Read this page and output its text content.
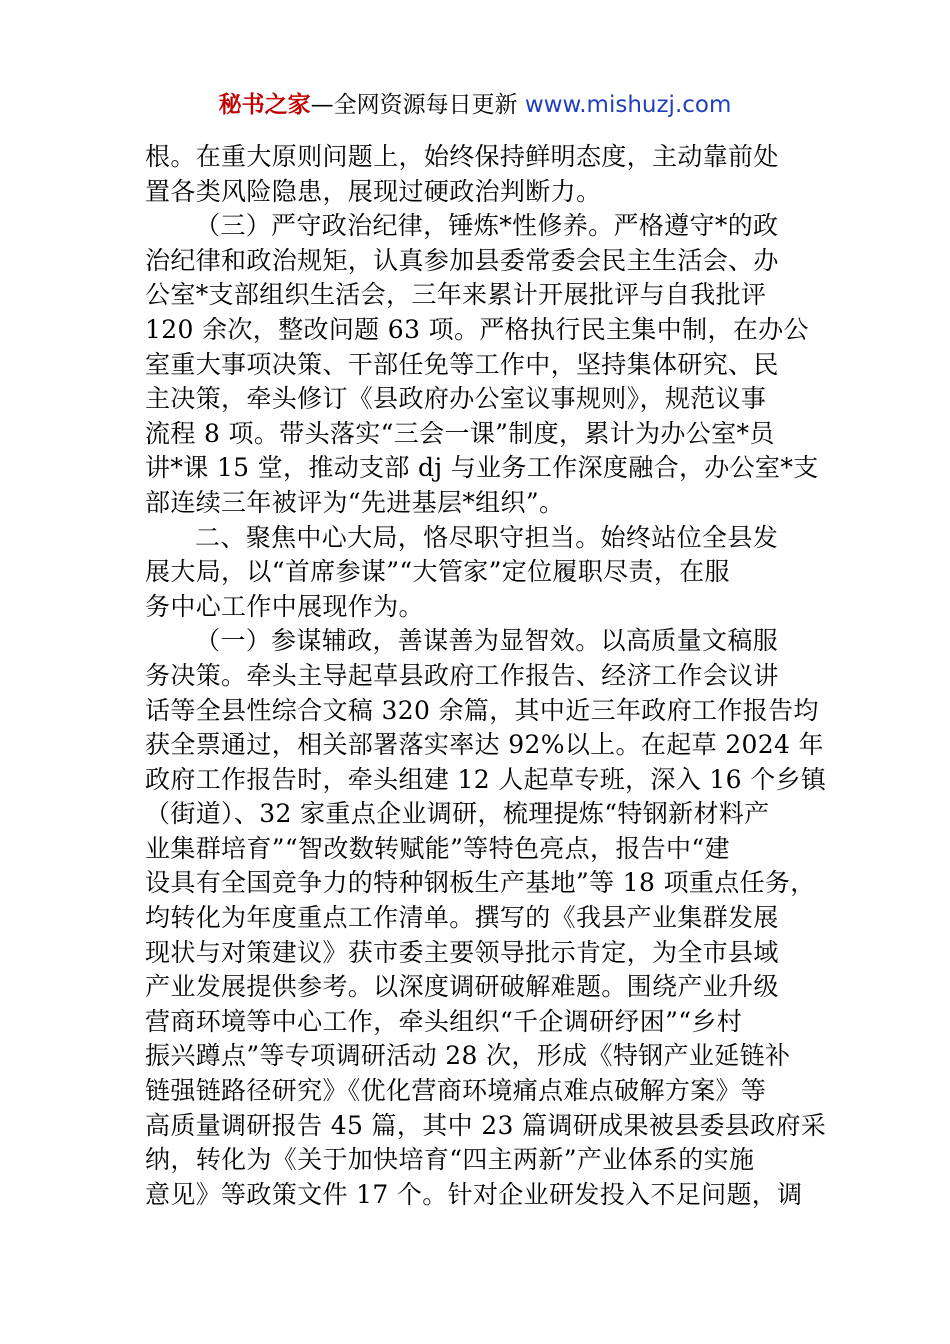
秘书之家—全网资源每日更新 www.mishuzj.com
根。在重大原则问题上，始终保持鲜明态度，主动靠前处
置各类风险隐患，展现过硬政治判断力。
（三）严守政治纪律，锤炼*性修养。严格遵守*的政
治纪律和政治规矩，认真参加县委常委会民主生活会、办
公室*支部组织生活会，三年来累计开展批评与自我批评
120 余次，整改问题 63 项。严格执行民主集中制，在办公
室重大事项决策、干部任免等工作中，坚持集体研究、民
主决策，牵头修订《县政府办公室议事规则》，规范议事
流程 8 项。带头落实“三会一课”制度，累计为办公室*员
讲*课 15 堂，推动支部 dj 与业务工作深度融合，办公室*支
部连续三年被评为“先进基层*组织”。
二、聚焦中心大局，恪尽职守担当。始终站位全县发
展大局，以“首席参谋”“大管家”定位履职尽责，在服
务中心工作中展现作为。
（一）参谋辅政，善谋善为显智效。以高质量文稿服
务决策。牵头主导起草县政府工作报告、经济工作会议讲
话等全县性综合文稿 320 余篇，其中近三年政府工作报告均
获全票通过，相关部署落实率达 92%以上。在起草 2024 年
政府工作报告时，牵头组建 12 人起草专班，深入 16 个乡镇
（街道）、32 家重点企业调研，梳理提炼“特钢新材料产
业集群培育”“智改数转赋能”等特色亮点，报告中“建
设具有全国竞争力的特种钢板生产基地”等 18 项重点任务，
均转化为年度重点工作清单。撰写的《我县产业集群发展
现状与对策建议》获市委主要领导批示肯定，为全市县域
产业发展提供参考。以深度调研破解难题。围绕产业升级
营商环境等中心工作，牵头组织“千企调研纾困”“乡村
振兴蹲点”等专项调研活动 28 次，形成《特钢产业延链补
链强链路径研究》《优化营商环境痛点难点破解方案》等
高质量调研报告 45 篇，其中 23 篇调研成果被县委县政府采
纳，转化为《关于加快培育“四主两新”产业体系的实施
意见》等政策文件 17 个。针对企业研发投入不足问题，调
